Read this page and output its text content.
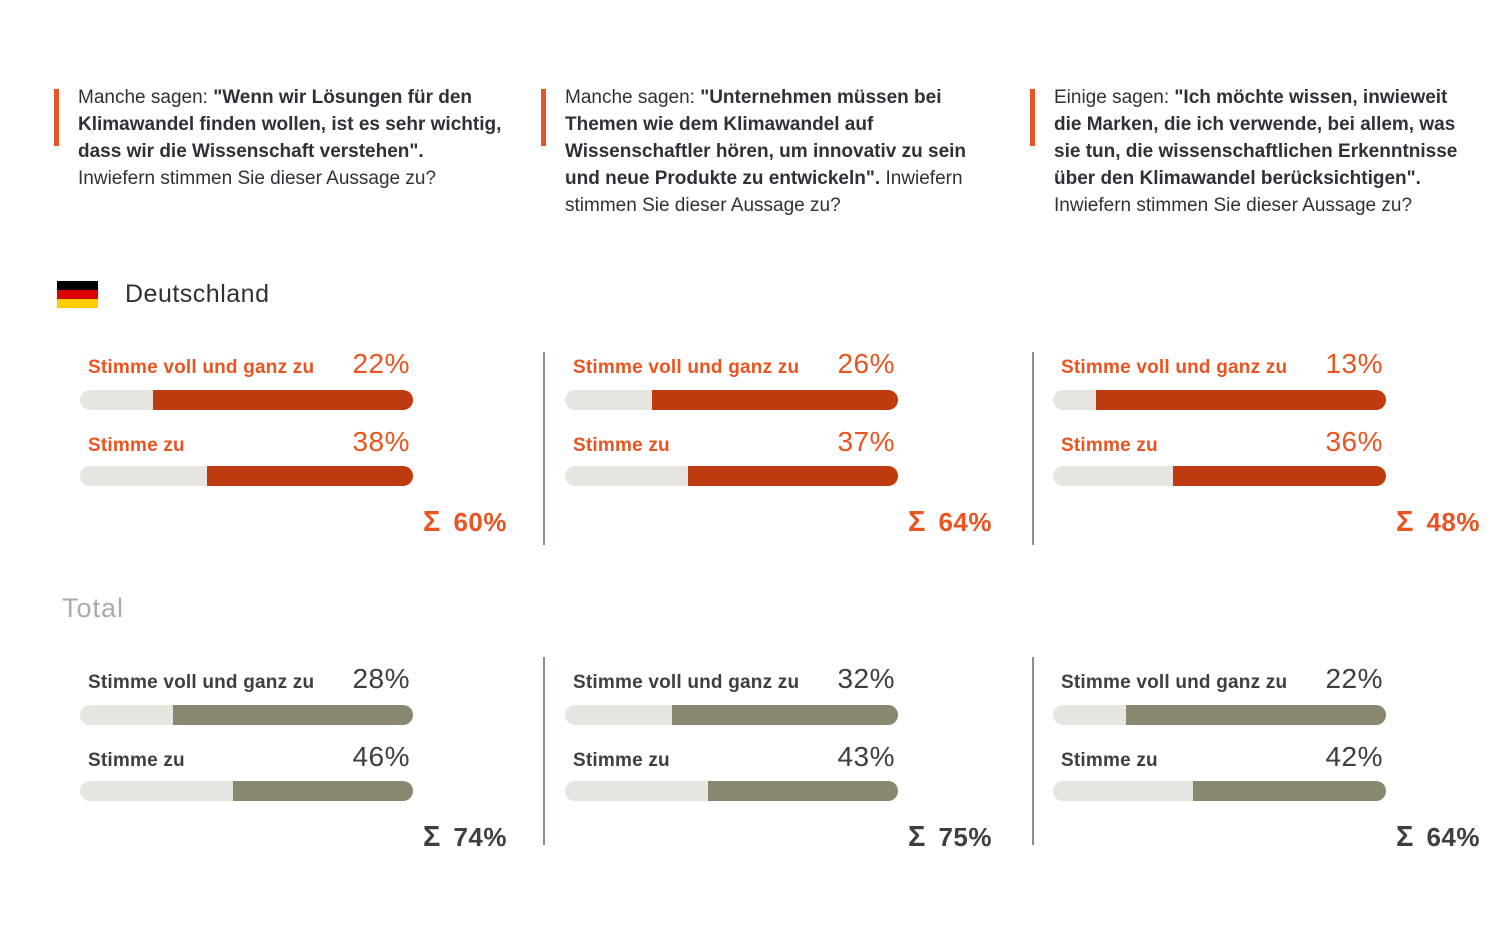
Manche sagen: "Wenn wir Lösungen für den Klimawandel finden wollen, ist es sehr wichtig, dass wir die Wissenschaft verstehen". Inwiefern stimmen Sie dieser Aussage zu?

Manche sagen: "Unternehmen müssen bei Themen wie dem Klimawandel auf Wissenschaftler hören, um innovativ zu sein und neue Produkte zu entwickeln". Inwiefern stimmen Sie dieser Aussage zu?

Einige sagen: "Ich möchte wissen, inwieweit die Marken, die ich verwende, bei allem, was sie tun, die wissenschaftlichen Erkenntnisse über den Klimawandel berücksichtigen". Inwiefern stimmen Sie dieser Aussage zu?

Deutschland
Stimme voll und ganz zu 22%
Stimme zu	38%
Σ 60%
Stimme voll und ganz zu 26%
Stimme zu	37%
Σ 64%
Stimme voll und ganz zu 13%
Stimme zu	36%
Σ 48%
Total
Stimme voll und ganz zu 28%
Stimme zu	46%
Σ 74%
Stimme voll und ganz zu 32%
Stimme zu	43%
Σ 75%
Stimme voll und ganz zu 22%
Stimme zu	42%
Σ 64%
